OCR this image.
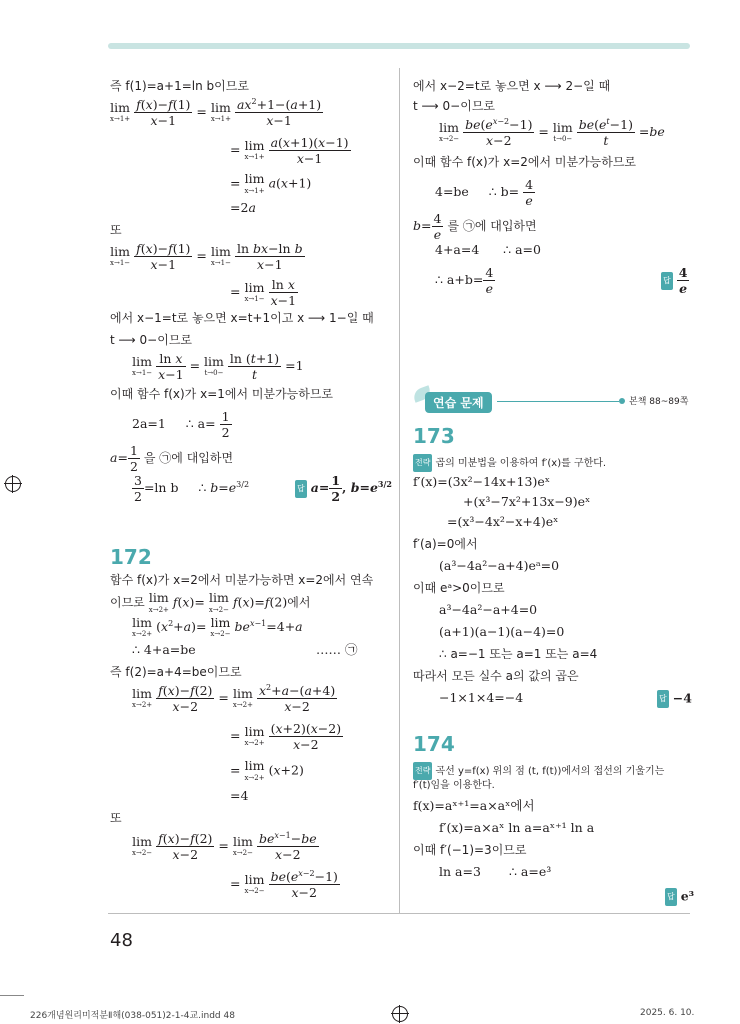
즉 f(1)=a+1=ln b이므로
lim
x→1+
$\frac{f(x)-f(1)}{x-1} = \lim$
x→1+
$\frac{ax^2+1-(a+1)}{x-1}$
= lim
x→1+
$\frac{a(x+1)(x-1)}{x-1}$
= lim
x→1+
a(x+1)
=2a
또
lim
x→1−
$\frac{f(x)-f(1)}{x-1} = \lim$
x→1−
$\frac{\text{ln bx−ln b}}{x-1}$
= lim
x→1−
$\frac{\text{ln x}}{x-1}$
에서 x−1=t로 놓으면 x=t+1이고 x ⟶ 1−일 때
t ⟶ 0−이므로
lim
x→1−
$\frac{\text{ln x}}{x-1} = \lim$
t→0−
$\frac{\ln (t+1)}{t} =1$
이때 함수 f(x)가 x=1에서 미분가능하므로
2a=1 ∴ $a= \frac{1}{2}$
$a= \frac{1}{2}$ 을 ㉠에 대입하면
$\frac{3}{2} =\ln$ b     ∴ $b=e^{3/2}$	답 $a= \frac{1}{2}$ , $b=e^{3/2}$
172
함수 f(x)가 x=2에서 미분가능하면 x=2에서 연속
이므로 lim
x→2+
f(x)= lim
x→2−
f(x)=f(2)에서
lim
x→2+
$(x^2+a)= \lim$
x→2−
$be^{x-1}=4+a$
∴ 4+a=be	…… ㉠
즉 f(2)=a+4=be이므로
lim
x→2+
$\frac{f(x)-f(2)}{x-2} = \lim$
x→2+
$\frac{x^2+a-(a+4)}{x-2}$
= lim
x→2+
$\frac{(x+2)(x-2)}{x-2}$
= lim
x→2+
(x+2)
=4
또
lim
x→2−
$\frac{f(x)-f(2)}{x-2} = \lim$
x→2−
$\frac{be^{x-1}-be}{x-2}$
= lim
x→2−
$\frac{be(e^{x-2}-1)}{x-2}$
에서 x−2=t로 놓으면 x ⟶ 2−일 때
t ⟶ 0−이므로
lim
x→2−
$\frac{be(e^{x-2}-1)}{x-2} = \lim$
t→0−
$\frac{be(e^t-1)}{t} =be$
이때 함수 f(x)가 x=2에서 미분가능하므로
4=be ∴ $b= \frac{4}{e}$
$b= \frac{4}{e}$ 를 ㉠에 대입하면
4+a=4 ∴ a=0
∴ $a+b= \frac{4}{e}$	답 $\frac{4}{e}$
연습 문제	본책 88~89쪽
173
전략 곱의 미분법을 이용하여 f′(x)를 구한다.
f′(x)=(3x²−14x+13)eˣ
+(x³−7x²+13x−9)eˣ
=(x³−4x²−x+4)eˣ
f′(a)=0에서
(a³−4a²−a+4)eᵃ=0
이때 eᵃ>0이므로
a³−4a²−a+4=0
(a+1)(a−1)(a−4)=0
∴ a=−1 또는 a=1 또는 a=4
따라서 모든 실수 a의 값의 곱은
−1×1×4=−4	답 −4
174
전략 곡선 y=f(x) 위의 점 (t, f(t))에서의 접선의 기울기는
f′(t)임을 이용한다.
f(x)=aˣ⁺¹=a×aˣ에서
f′(x)=a×aˣ ln a=aˣ⁺¹ ln a
이때 f′(−1)=3이므로
ln a=3 ∴ a=e³
답 e³
48
226개념원리미적분Ⅱ해(038-051)2-1-4교.indd 48	2025. 6. 10.
